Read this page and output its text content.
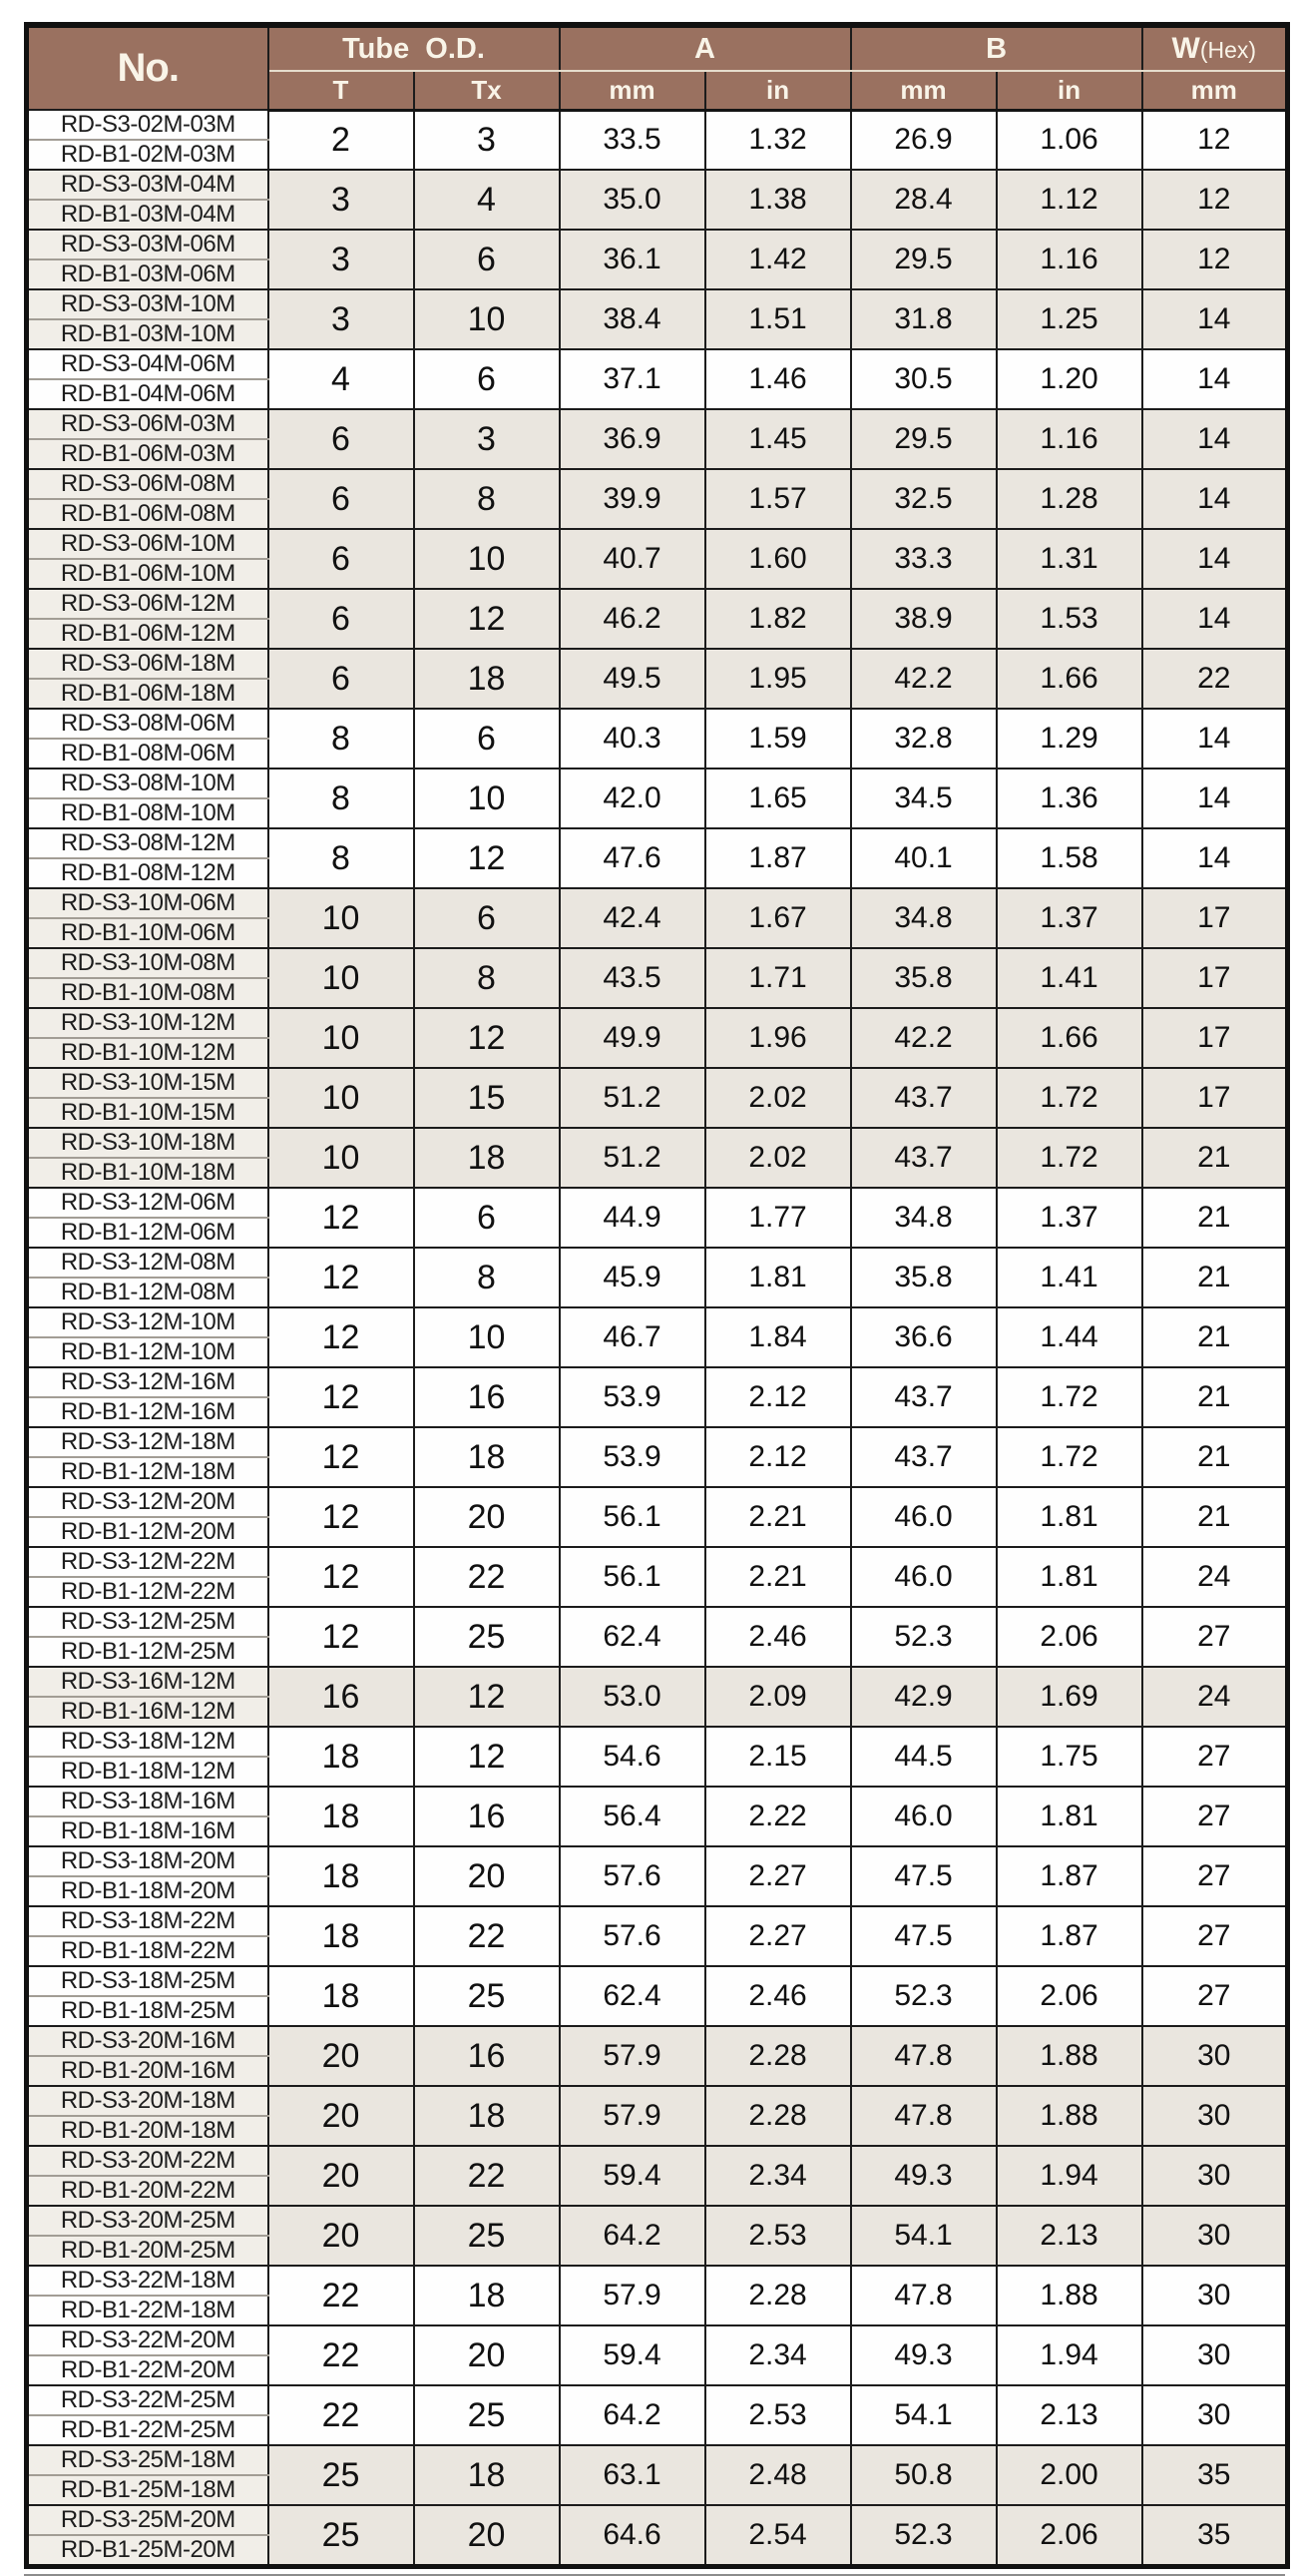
No.	Tube  O.D.		A		B		W(Hex)
	T	Tx	mm	in	mm	in	mm
RD-S3-02M-03M	2	3	33.5	1.32	26.9	1.06	12
RD-B1-02M-03M							
RD-S3-03M-04M	3	4	35.0	1.38	28.4	1.12	12
RD-B1-03M-04M							
RD-S3-03M-06M	3	6	36.1	1.42	29.5	1.16	12
RD-B1-03M-06M							
RD-S3-03M-10M	3	10	38.4	1.51	31.8	1.25	14
RD-B1-03M-10M							
RD-S3-04M-06M	4	6	37.1	1.46	30.5	1.20	14
RD-B1-04M-06M							
RD-S3-06M-03M	6	3	36.9	1.45	29.5	1.16	14
RD-B1-06M-03M							
RD-S3-06M-08M	6	8	39.9	1.57	32.5	1.28	14
RD-B1-06M-08M							
RD-S3-06M-10M	6	10	40.7	1.60	33.3	1.31	14
RD-B1-06M-10M							
RD-S3-06M-12M	6	12	46.2	1.82	38.9	1.53	14
RD-B1-06M-12M							
RD-S3-06M-18M	6	18	49.5	1.95	42.2	1.66	22
RD-B1-06M-18M							
RD-S3-08M-06M	8	6	40.3	1.59	32.8	1.29	14
RD-B1-08M-06M							
RD-S3-08M-10M	8	10	42.0	1.65	34.5	1.36	14
RD-B1-08M-10M							
RD-S3-08M-12M	8	12	47.6	1.87	40.1	1.58	14
RD-B1-08M-12M							
RD-S3-10M-06M	10	6	42.4	1.67	34.8	1.37	17
RD-B1-10M-06M							
RD-S3-10M-08M	10	8	43.5	1.71	35.8	1.41	17
RD-B1-10M-08M							
RD-S3-10M-12M	10	12	49.9	1.96	42.2	1.66	17
RD-B1-10M-12M							
RD-S3-10M-15M	10	15	51.2	2.02	43.7	1.72	17
RD-B1-10M-15M							
RD-S3-10M-18M	10	18	51.2	2.02	43.7	1.72	21
RD-B1-10M-18M							
RD-S3-12M-06M	12	6	44.9	1.77	34.8	1.37	21
RD-B1-12M-06M							
RD-S3-12M-08M	12	8	45.9	1.81	35.8	1.41	21
RD-B1-12M-08M							
RD-S3-12M-10M	12	10	46.7	1.84	36.6	1.44	21
RD-B1-12M-10M							
RD-S3-12M-16M	12	16	53.9	2.12	43.7	1.72	21
RD-B1-12M-16M							
RD-S3-12M-18M	12	18	53.9	2.12	43.7	1.72	21
RD-B1-12M-18M							
RD-S3-12M-20M	12	20	56.1	2.21	46.0	1.81	21
RD-B1-12M-20M							
RD-S3-12M-22M	12	22	56.1	2.21	46.0	1.81	24
RD-B1-12M-22M							
RD-S3-12M-25M	12	25	62.4	2.46	52.3	2.06	27
RD-B1-12M-25M							
RD-S3-16M-12M	16	12	53.0	2.09	42.9	1.69	24
RD-B1-16M-12M							
RD-S3-18M-12M	18	12	54.6	2.15	44.5	1.75	27
RD-B1-18M-12M							
RD-S3-18M-16M	18	16	56.4	2.22	46.0	1.81	27
RD-B1-18M-16M							
RD-S3-18M-20M	18	20	57.6	2.27	47.5	1.87	27
RD-B1-18M-20M							
RD-S3-18M-22M	18	22	57.6	2.27	47.5	1.87	27
RD-B1-18M-22M							
RD-S3-18M-25M	18	25	62.4	2.46	52.3	2.06	27
RD-B1-18M-25M							
RD-S3-20M-16M	20	16	57.9	2.28	47.8	1.88	30
RD-B1-20M-16M							
RD-S3-20M-18M	20	18	57.9	2.28	47.8	1.88	30
RD-B1-20M-18M							
RD-S3-20M-22M	20	22	59.4	2.34	49.3	1.94	30
RD-B1-20M-22M							
RD-S3-20M-25M	20	25	64.2	2.53	54.1	2.13	30
RD-B1-20M-25M							
RD-S3-22M-18M	22	18	57.9	2.28	47.8	1.88	30
RD-B1-22M-18M							
RD-S3-22M-20M	22	20	59.4	2.34	49.3	1.94	30
RD-B1-22M-20M							
RD-S3-22M-25M	22	25	64.2	2.53	54.1	2.13	30
RD-B1-22M-25M							
RD-S3-25M-18M	25	18	63.1	2.48	50.8	2.00	35
RD-B1-25M-18M							
RD-S3-25M-20M	25	20	64.6	2.54	52.3	2.06	35
RD-B1-25M-20M							
